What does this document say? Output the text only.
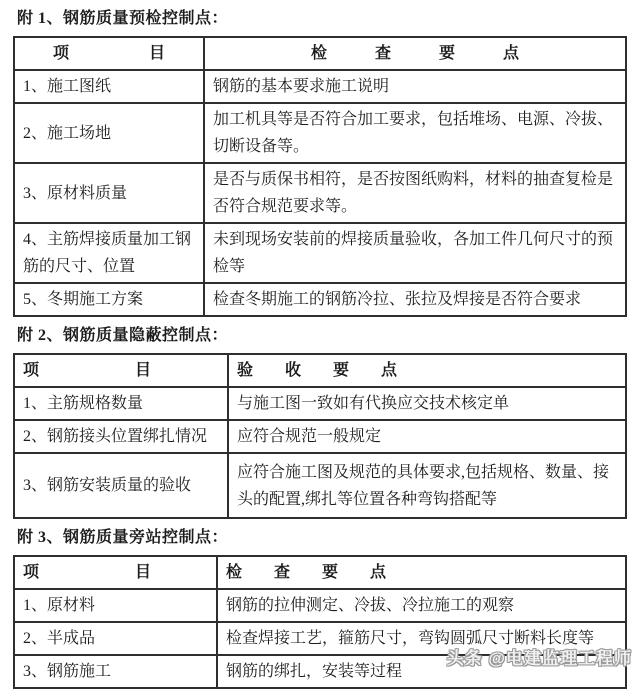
附 1、钢筋质量预检控制点：
项　　　　　目	检　　　查　　　要　　　点
1、施工图纸	钢筋的基本要求施工说明
2、施工场地	加工机具等是否符合加工要求，包括堆场、电源、冷拔、切断设备等。
3、原材料质量	是否与质保书相符，是否按图纸购料，材料的抽查复检是否符合规范要求等。
4、主筋焊接质量加工钢筋的尺寸、位置	未到现场安装前的焊接质量验收，各加工件几何尺寸的预检等
5、冬期施工方案	检查冬期施工的钢筋冷拉、张拉及焊接是否符合要求
附 2、钢筋质量隐蔽控制点：
项　　　　　　目	验　　收　　要　　点
1、主筋规格数量	与施工图一致如有代换应交技术核定单
2、钢筋接头位置绑扎情况	应符合规范一般规定
3、钢筋安装质量的验收	应符合施工图及规范的具体要求,包括规格、数量、接头的配置,绑扎等位置各种弯钩搭配等
附 3、钢筋质量旁站控制点：
项　　　　　　目	检　　查　　要　　点
1、原材料	钢筋的拉伸测定、冷拔、冷拉施工的观察
2、半成品	检查焊接工艺，箍筋尺寸，弯钩圆弧尺寸断料长度等
3、钢筋施工	钢筋的绑扎，安装等过程
头条 @电建监理工程师
